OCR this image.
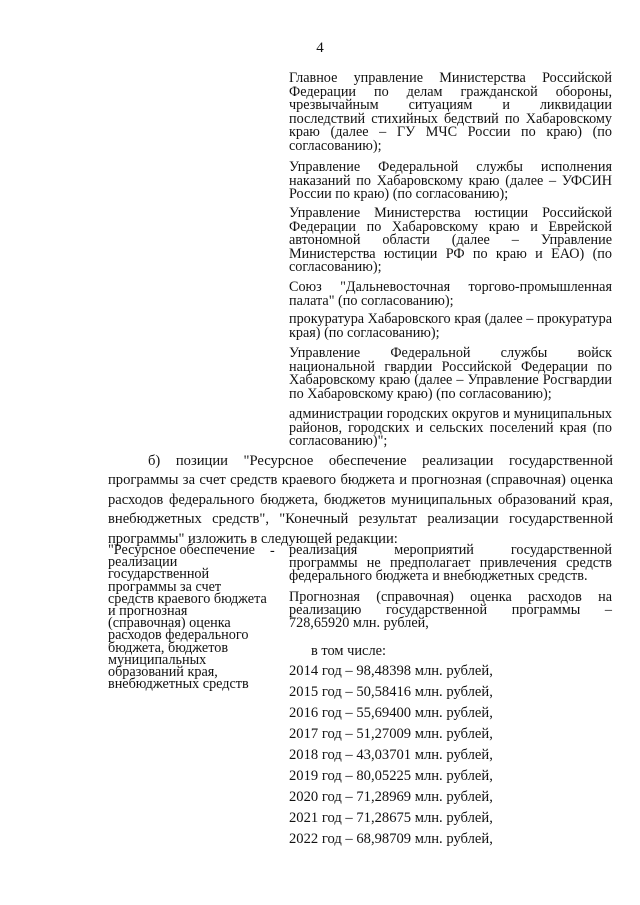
4
Главное управление Министерства Российской Федерации по делам гражданской обороны, чрезвычайным ситуациям и ликвидации последствий стихийных бедствий по Хабаровскому краю (далее – ГУ МЧС России по краю) (по согласованию);
Управление Федеральной службы исполнения наказаний по Хабаровскому краю (далее – УФСИН России по краю) (по согласованию);
Управление Министерства юстиции Российской Федерации по Хабаровскому краю и Еврейской автономной области (далее – Управление Министерства юстиции РФ по краю и ЕАО) (по согласованию);
Союз "Дальневосточная торгово-промышленная палата" (по согласованию);
прокуратура Хабаровского края (далее – прокуратура края) (по согласованию);
Управление Федеральной службы войск национальной гвардии Российской Федерации по Хабаровскому краю (далее – Управление Росгвардии по Хабаровскому краю) (по согласованию);
администрации городских округов и муниципальных районов, городских и сельских поселений края (по согласованию)";
б) позиции "Ресурсное обеспечение реализации государственной программы за счет средств краевого бюджета и прогнозная (справочная) оценка расходов федерального бюджета, бюджетов муниципальных образований края, внебюджетных средств", "Конечный результат реализации государственной программы" изложить в следующей редакции:
"Ресурсное обеспечение реализации государственной программы за счет средств краевого бюджета и прогнозная (справочная) оценка расходов федерального бюджета, бюджетов муниципальных образований края, внебюджетных средств
- реализация мероприятий государственной программы не предполагает привлечения средств федерального бюджета и внебюджетных средств.
Прогнозная (справочная) оценка расходов на реализацию государственной программы – 728,65920 млн. рублей,
в том числе:
2014 год – 98,48398 млн. рублей,
2015 год – 50,58416 млн. рублей,
2016 год – 55,69400 млн. рублей,
2017 год – 51,27009 млн. рублей,
2018 год – 43,03701 млн. рублей,
2019 год – 80,05225 млн. рублей,
2020 год – 71,28969 млн. рублей,
2021 год – 71,28675 млн. рублей,
2022 год – 68,98709 млн. рублей,
